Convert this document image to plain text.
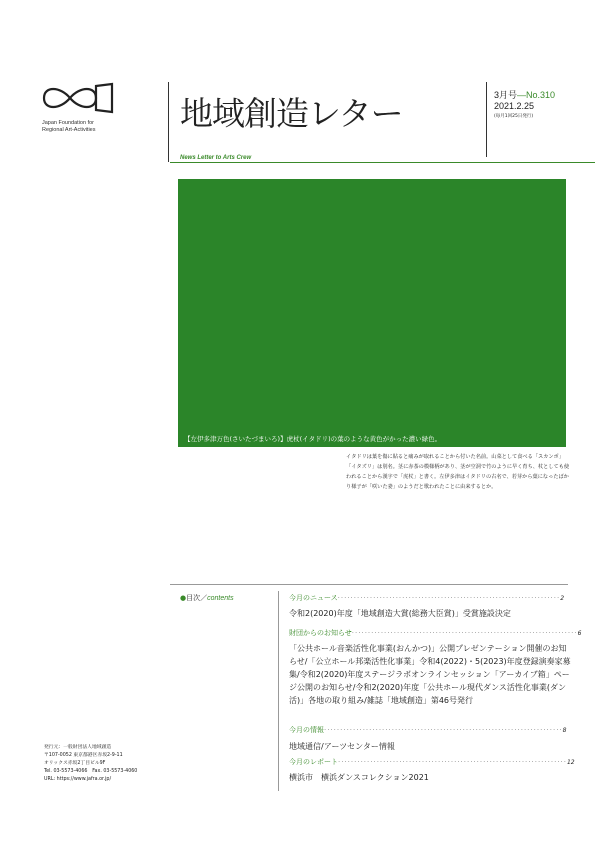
Japan Foundation for
Regional Art-Activities	地域創造レター
News Letter to Arts Crew
3月号—No.310
2021.2.25
(毎月1回25日発行)
【左伊多津万色(さいたづまいろ)】虎杖(イタドリ)の葉のような黄色がかった濃い緑色。
イタドリは葉を傷に貼ると痛みが取れることから付いた名前。山菜として食べる「スカンポ」「イタズリ」は別名。茎に赤茶の模様柄があり、茎が空洞で竹のように早く育ち、杖としても使われることから漢字で「虎杖」と書く。左伊多津はイタドリの古名で、若芽から葉になったばかり様子が「咲いた妻」のようだと歌われたことに由来するとか。
●目次／contents	今月のニュース·····································································2
令和2(2020)年度「地域創造大賞(総務大臣賞)」受賞施設決定
財団からのお知らせ······································································6
「公共ホール音楽活性化事業(おんかつ)」公開プレゼンテーション開催のお知らせ/「公立ホール邦楽活性化事業」令和4(2022)・5(2023)年度登録演奏家募集/令和2(2020)年度ステージラボオンラインセッション「アーカイブ箱」ページ公開のお知らせ/令和2(2020)年度「公共ホール現代ダンス活性化事業(ダン活)」各地の取り組み/雑誌「地域創造」第46号発行
今月の情報··········································································8
地域通信/アーツセンター情報
今月のレポート·······································································12
横浜市　横浜ダンスコレクション2021
発行元：一般財団法人地域創造
〒107-0052 東京都港区赤坂2-9-11
オリックス赤坂2丁目ビル9F
Tel. 03-5573-4066　Fax. 03-5573-4060
URL: https://www.jafra.or.jp/
